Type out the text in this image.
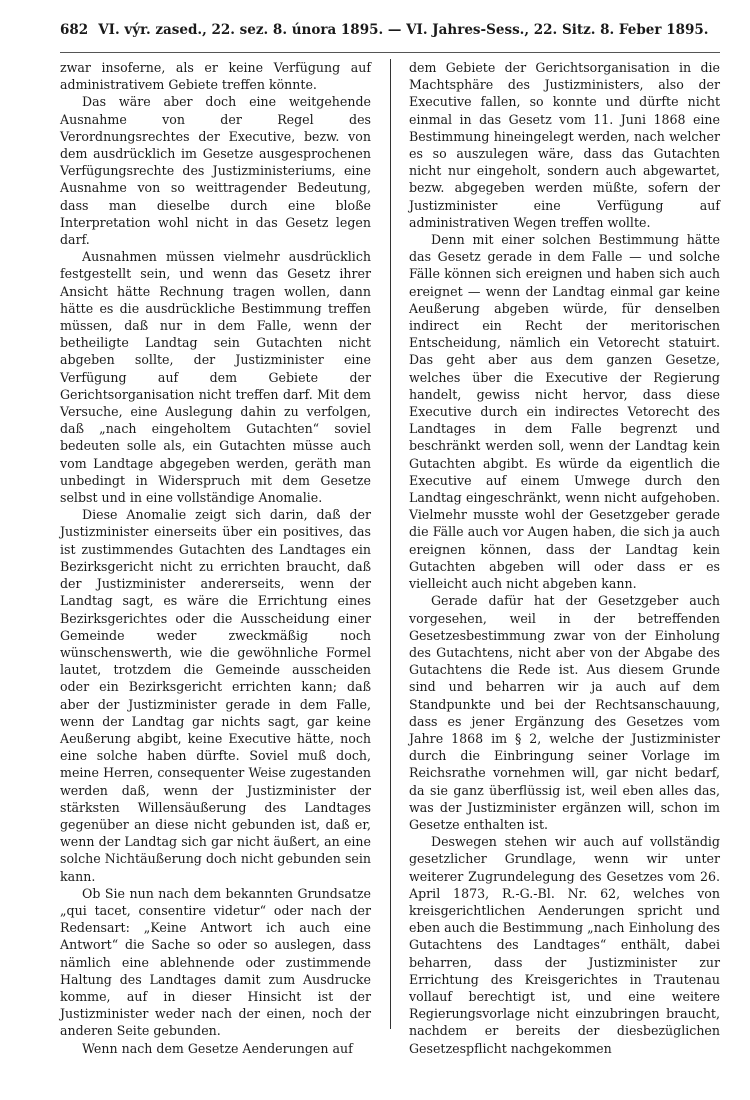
682 VI. výr. zased., 22. sez. 8. února 1895. — VI. Jahres-Sess., 22. Sitz. 8. Feber 1895.

zwar insoferne, als er keine Verfügung auf administrativem Gebiete treffen könnte.

Das wäre aber doch eine weitgehende Ausnahme von der Regel des Verordnungsrechtes der Executive, bezw. von dem ausdrücklich im Gesetze ausgesprochenen Verfügungsrechte des Justizministeriums, eine Ausnahme von so weittragender Bedeutung, dass man dieselbe durch eine bloße Interpretation wohl nicht in das Gesetz legen darf.

Ausnahmen müssen vielmehr ausdrücklich festgestellt sein, und wenn das Gesetz ihrer Ansicht hätte Rechnung tragen wollen, dann hätte es die ausdrückliche Bestimmung treffen müssen, daß nur in dem Falle, wenn der betheiligte Landtag sein Gutachten nicht abgeben sollte, der Justizminister eine Verfügung auf dem Gebiete der Gerichtsorganisation nicht treffen darf. Mit dem Versuche, eine Auslegung dahin zu verfolgen, daß „nach eingeholtem Gutachten“ soviel bedeuten solle als, ein Gutachten müsse auch vom Landtage abgegeben werden, geräth man unbedingt in Widerspruch mit dem Gesetze selbst und in eine vollständige Anomalie.

Diese Anomalie zeigt sich darin, daß der Justizminister einerseits über ein positives, das ist zustimmendes Gutachten des Landtages ein Bezirksgericht nicht zu errichten braucht, daß der Justizminister andererseits, wenn der Landtag sagt, es wäre die Errichtung eines Bezirksgerichtes oder die Ausscheidung einer Gemeinde weder zweckmäßig noch wünschenswerth, wie die gewöhnliche Formel lautet, trotzdem die Gemeinde ausscheiden oder ein Bezirksgericht errichten kann; daß aber der Justizminister gerade in dem Falle, wenn der Landtag gar nichts sagt, gar keine Aeußerung abgibt, keine Executive hätte, noch eine solche haben dürfte. Soviel muß doch, meine Herren, consequenter Weise zugestanden werden daß, wenn der Justizminister der stärksten Willensäußerung des Landtages gegenüber an diese nicht gebunden ist, daß er, wenn der Landtag sich gar nicht äußert, an eine solche Nichtäußerung doch nicht gebunden sein kann.

Ob Sie nun nach dem bekannten Grundsatze „qui tacet, consentire videtur“ oder nach der Redensart: „Keine Antwort ich auch eine Antwort“ die Sache so oder so auslegen, dass nämlich eine ablehnende oder zustimmende Haltung des Landtages damit zum Ausdrucke komme, auf in dieser Hinsicht ist der Justizminister weder nach der einen, noch der anderen Seite gebunden.

Wenn nach dem Gesetze Aenderungen auf

dem Gebiete der Gerichtsorganisation in die Machtsphäre des Justizministers, also der Executive fallen, so konnte und dürfte nicht einmal in das Gesetz vom 11. Juni 1868 eine Bestimmung hineingelegt werden, nach welcher es so auszulegen wäre, dass das Gutachten nicht nur eingeholt, sondern auch abgewartet, bezw. abgegeben werden müßte, sofern der Justizminister eine Verfügung auf administrativen Wegen treffen wollte.

Denn mit einer solchen Bestimmung hätte das Gesetz gerade in dem Falle — und solche Fälle können sich ereignen und haben sich auch ereignet — wenn der Landtag einmal gar keine Aeußerung abgeben würde, für denselben indirect ein Recht der meritorischen Entscheidung, nämlich ein Vetorecht statuirt. Das geht aber aus dem ganzen Gesetze, welches über die Executive der Regierung handelt, gewiss nicht hervor, dass diese Executive durch ein indirectes Vetorecht des Landtages in dem Falle begrenzt und beschränkt werden soll, wenn der Landtag kein Gutachten abgibt. Es würde da eigentlich die Executive auf einem Umwege durch den Landtag eingeschränkt, wenn nicht aufgehoben. Vielmehr musste wohl der Gesetzgeber gerade die Fälle auch vor Augen haben, die sich ja auch ereignen können, dass der Landtag kein Gutachten abgeben will oder dass er es vielleicht auch nicht abgeben kann.

Gerade dafür hat der Gesetzgeber auch vorgesehen, weil in der betreffenden Gesetzesbestimmung zwar von der Einholung des Gutachtens, nicht aber von der Abgabe des Gutachtens die Rede ist. Aus diesem Grunde sind und beharren wir ja auch auf dem Standpunkte und bei der Rechtsanschauung, dass es jener Ergänzung des Gesetzes vom Jahre 1868 im § 2, welche der Justizminister durch die Einbringung seiner Vorlage im Reichsrathe vornehmen will, gar nicht bedarf, da sie ganz überflüssig ist, weil eben alles das, was der Justizminister ergänzen will, schon im Gesetze enthalten ist.

Deswegen stehen wir auch auf vollständig gesetzlicher Grundlage, wenn wir unter weiterer Zugrundelegung des Gesetzes vom 26. April 1873, R.-G.-Bl. Nr. 62, welches von kreisgerichtlichen Aenderungen spricht und eben auch die Bestimmung „nach Einholung des Gutachtens des Landtages“ enthält, dabei beharren, dass der Justizminister zur Errichtung des Kreisgerichtes in Trautenau vollauf berechtigt ist, und eine weitere Regierungsvorlage nicht einzubringen braucht, nachdem er bereits der diesbezüglichen Gesetzespflicht nachgekommen
